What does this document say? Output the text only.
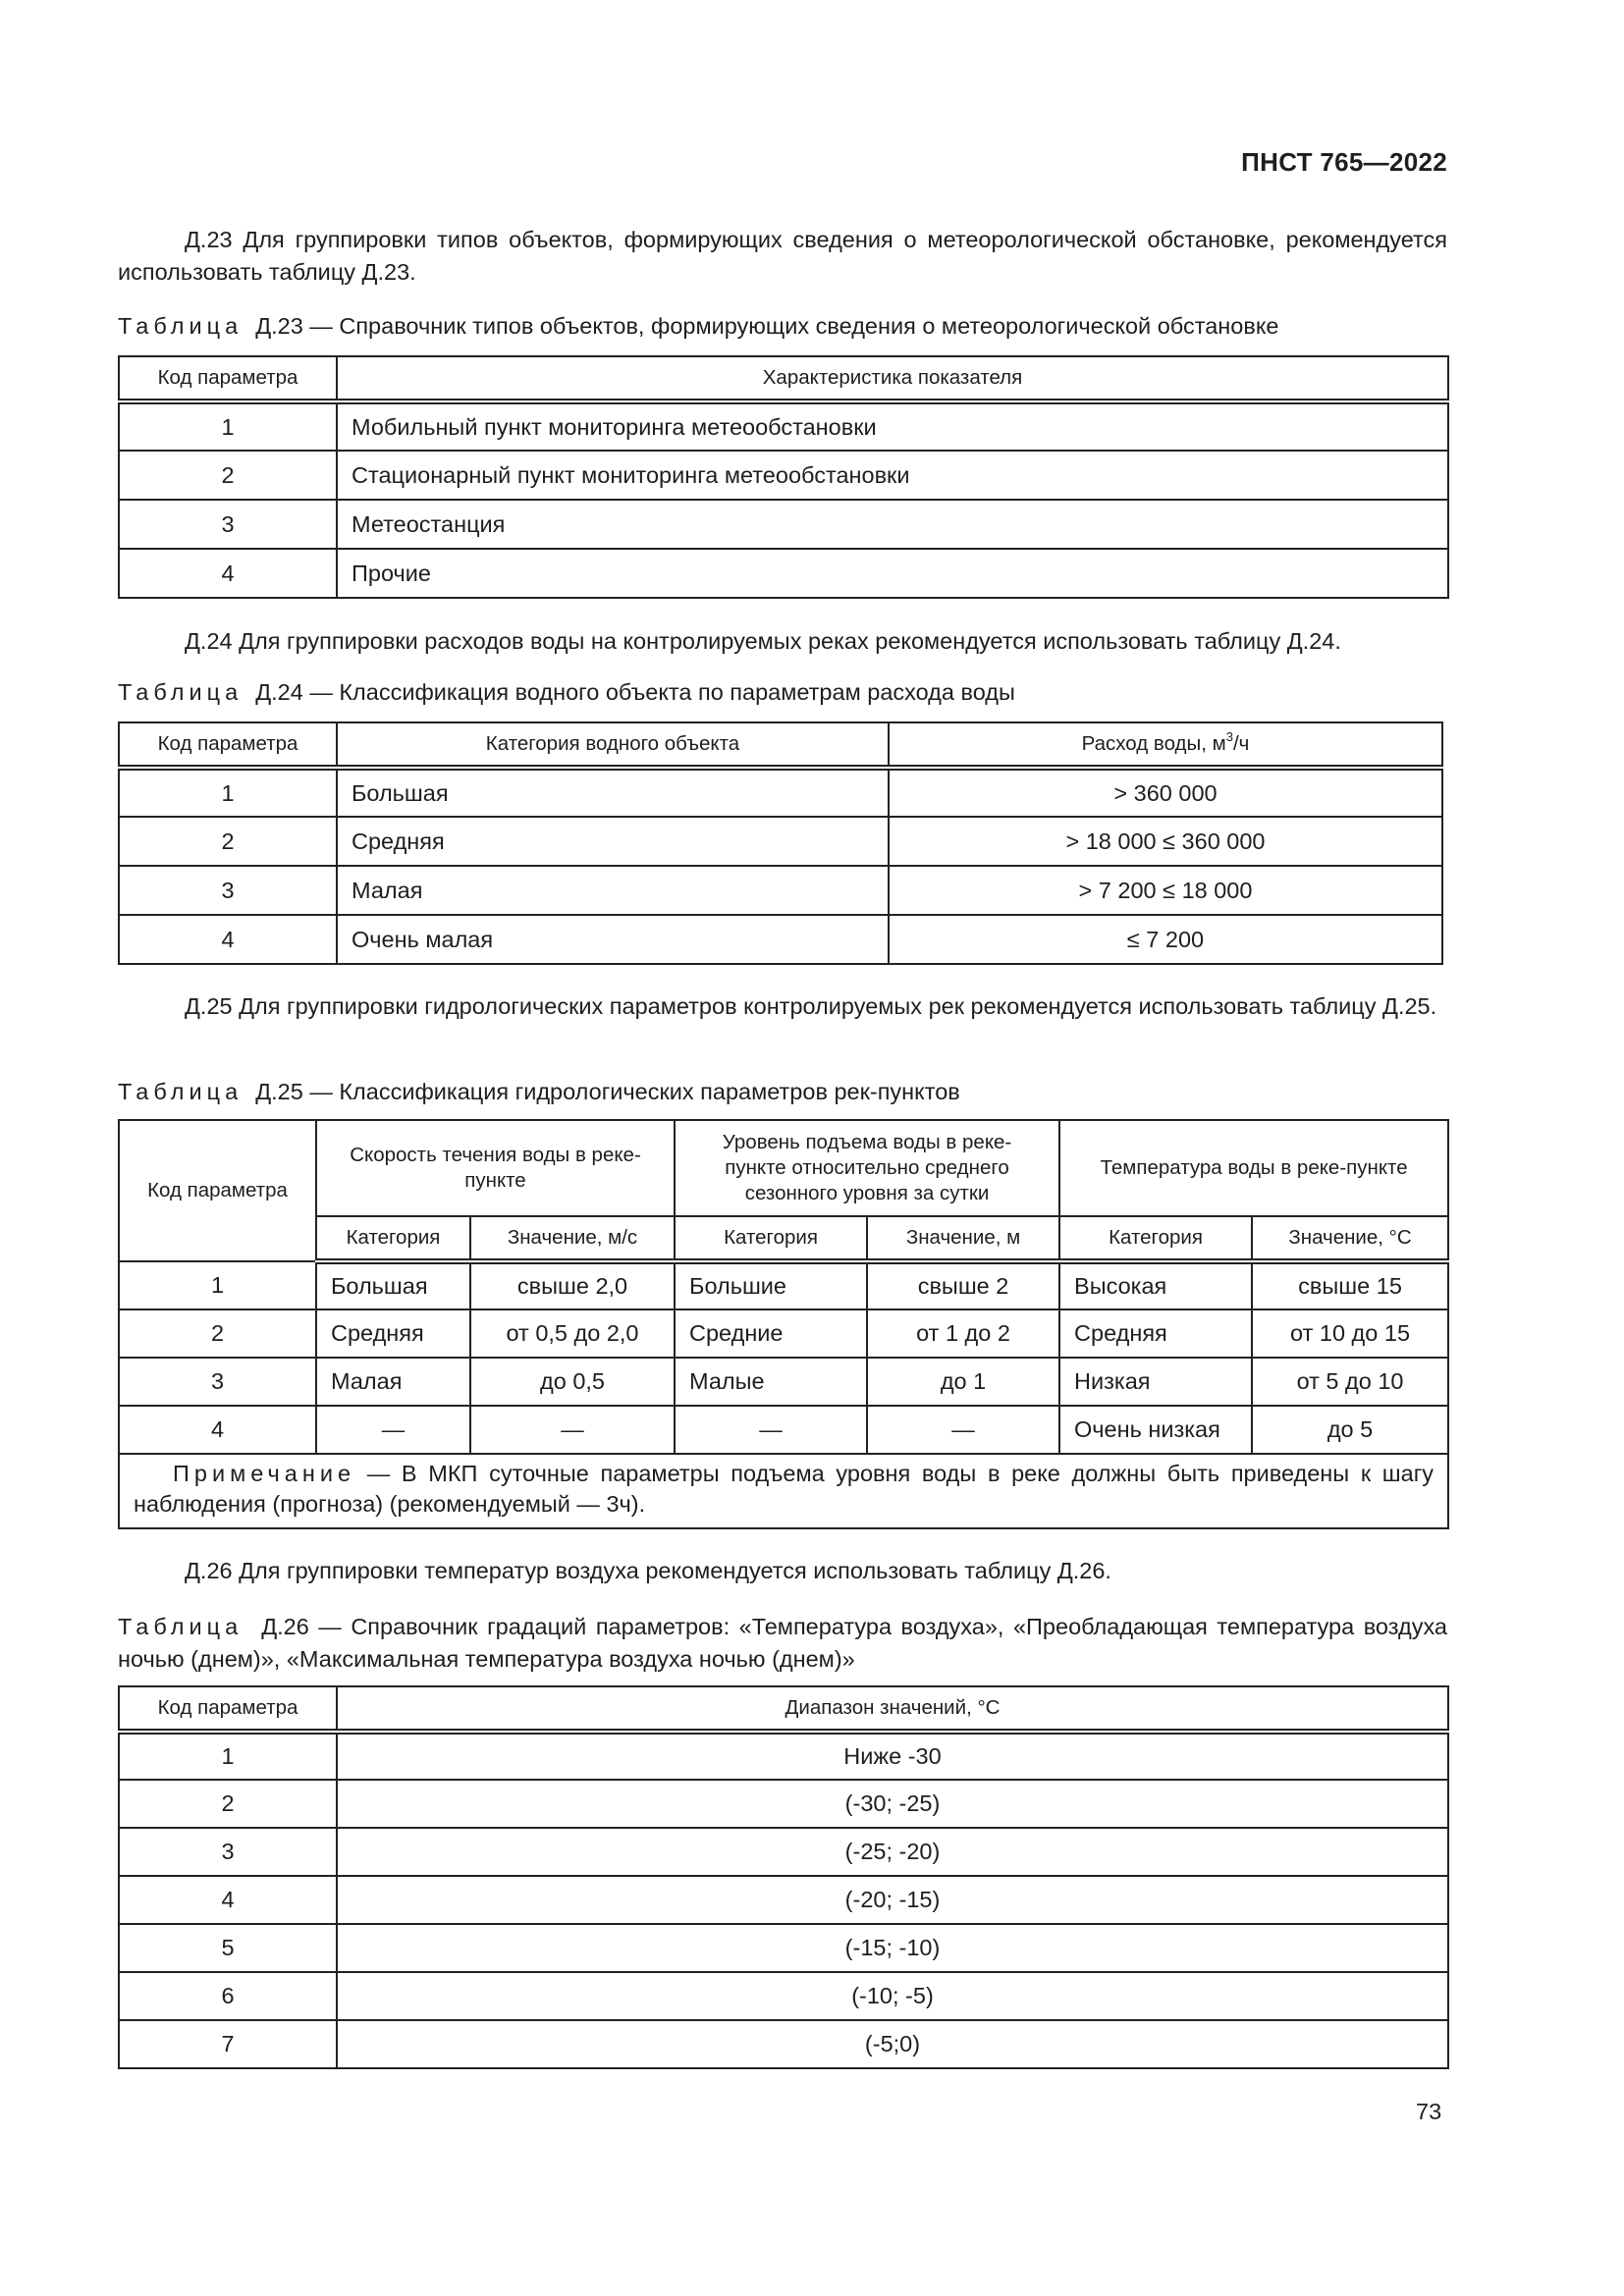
ПНСТ 765—2022
Д.23 Для группировки типов объектов, формирующих сведения о метеорологической обстановке, рекомендуется использовать таблицу Д.23.
Таблица Д.23 — Справочник типов объектов, формирующих сведения о метеорологической обстановке
Код параметра	Характеристика показателя
1	Мобильный пункт мониторинга метеообстановки
2	Стационарный пункт мониторинга метеообстановки
3	Метеостанция
4	Прочие
Д.24 Для группировки расходов воды на контролируемых реках рекомендуется использовать таблицу Д.24.
Таблица Д.24 — Классификация водного объекта по параметрам расхода воды
Код параметра	Категория водного объекта	Расход воды, $м^3/ч$
1	Большая	> 360 000
2	Средняя	> 18 000 ≤ 360 000
3	Малая	> 7 200 ≤ 18 000
4	Очень малая	≤ 7 200
Д.25 Для группировки гидрологических параметров контролируемых рек рекомендуется использовать таблицу Д.25.
Таблица Д.25 — Классификация гидрологических параметров рек-пунктов
Код параметра	Скорость течения воды в реке-пункте		Уровень подъема воды в реке-пункте относительно среднего сезонного уровня за сутки		Температура воды в реке-пункте	
	Категория	Значение, м/с	Категория	Значение, м	Категория	Значение, °С
1	Большая	свыше 2,0	Большие	свыше 2	Высокая	свыше 15
2	Средняя	от 0,5 до 2,0	Средние	от 1 до 2	Средняя	от 10 до 15
3	Малая	до 0,5	Малые	до 1	Низкая	от 5 до 10
4	—	—	—	—	Очень низкая	до 5
Примечание — В МКП суточные параметры подъема уровня воды в реке должны быть приведены к шагу наблюдения (прогноза) (рекомендуемый — 3ч).						
Д.26 Для группировки температур воздуха рекомендуется использовать таблицу Д.26.
Таблица Д.26 — Справочник градаций параметров: «Температура воздуха», «Преобладающая температура воздуха ночью (днем)», «Максимальная температура воздуха ночью (днем)»
Код параметра	Диапазон значений, °С
1	Ниже -30
2	(-30; -25)
3	(-25; -20)
4	(-20; -15)
5	(-15; -10)
6	(-10; -5)
7	(-5;0)
73
